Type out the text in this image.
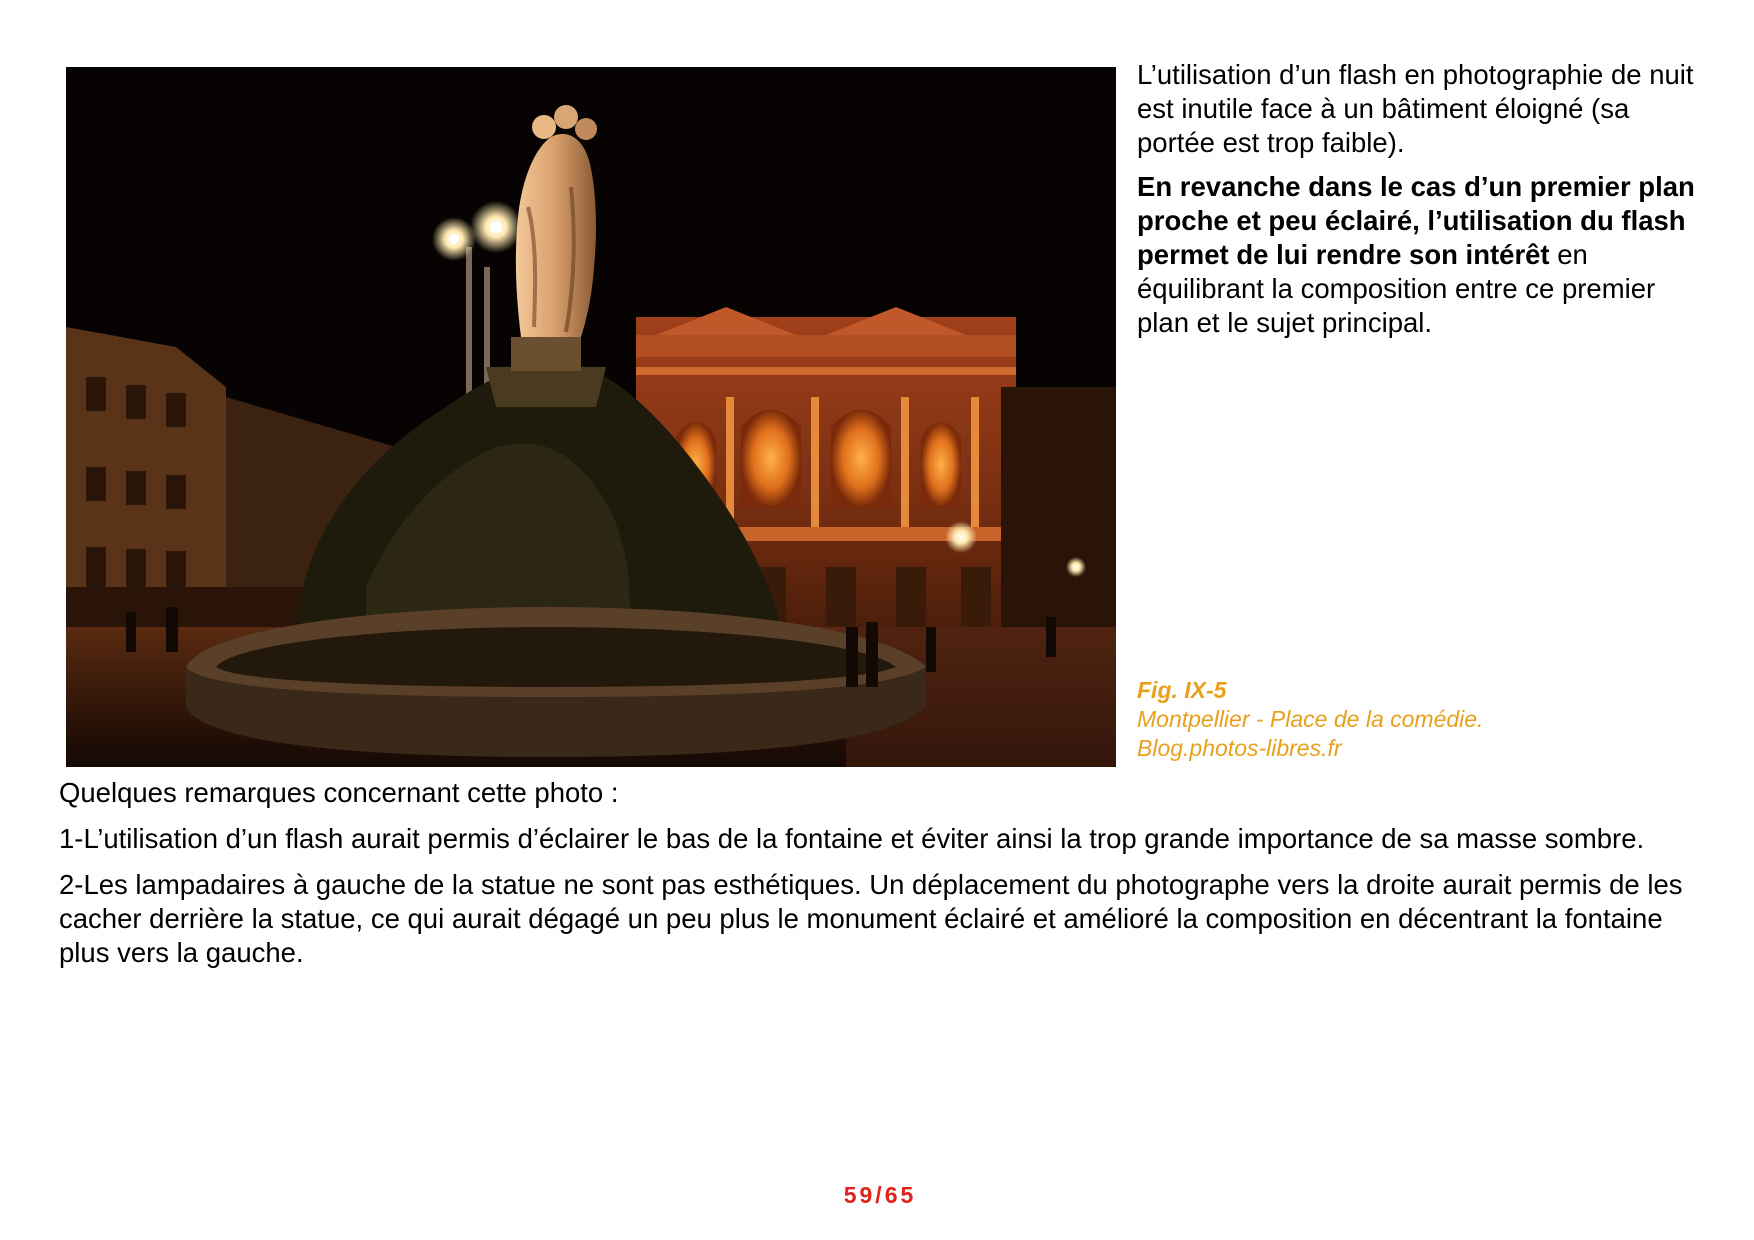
L’utilisation d’un flash en photographie de nuit est inutile face à un bâtiment éloigné (sa portée est trop faible).

En revanche dans le cas d’un premier plan proche et peu éclairé, l’utilisation du flash permet de lui rendre son intérêt en équilibrant la composition entre ce premier plan et le sujet principal.

Fig. IX-5
Montpellier - Place de la comédie.
Blog.photos-libres.fr

Quelques remarques concernant cette photo :

1-L’utilisation d’un flash aurait permis d’éclairer le bas de la fontaine et éviter ainsi la trop grande importance de sa masse sombre.

2-Les lampadaires à gauche de la statue ne sont pas esthétiques. Un déplacement du photographe vers la droite aurait permis de les cacher derrière la statue, ce qui aurait dégagé un peu plus le monument éclairé et amélioré la composition en décentrant la fontaine plus vers la gauche.

59/65
